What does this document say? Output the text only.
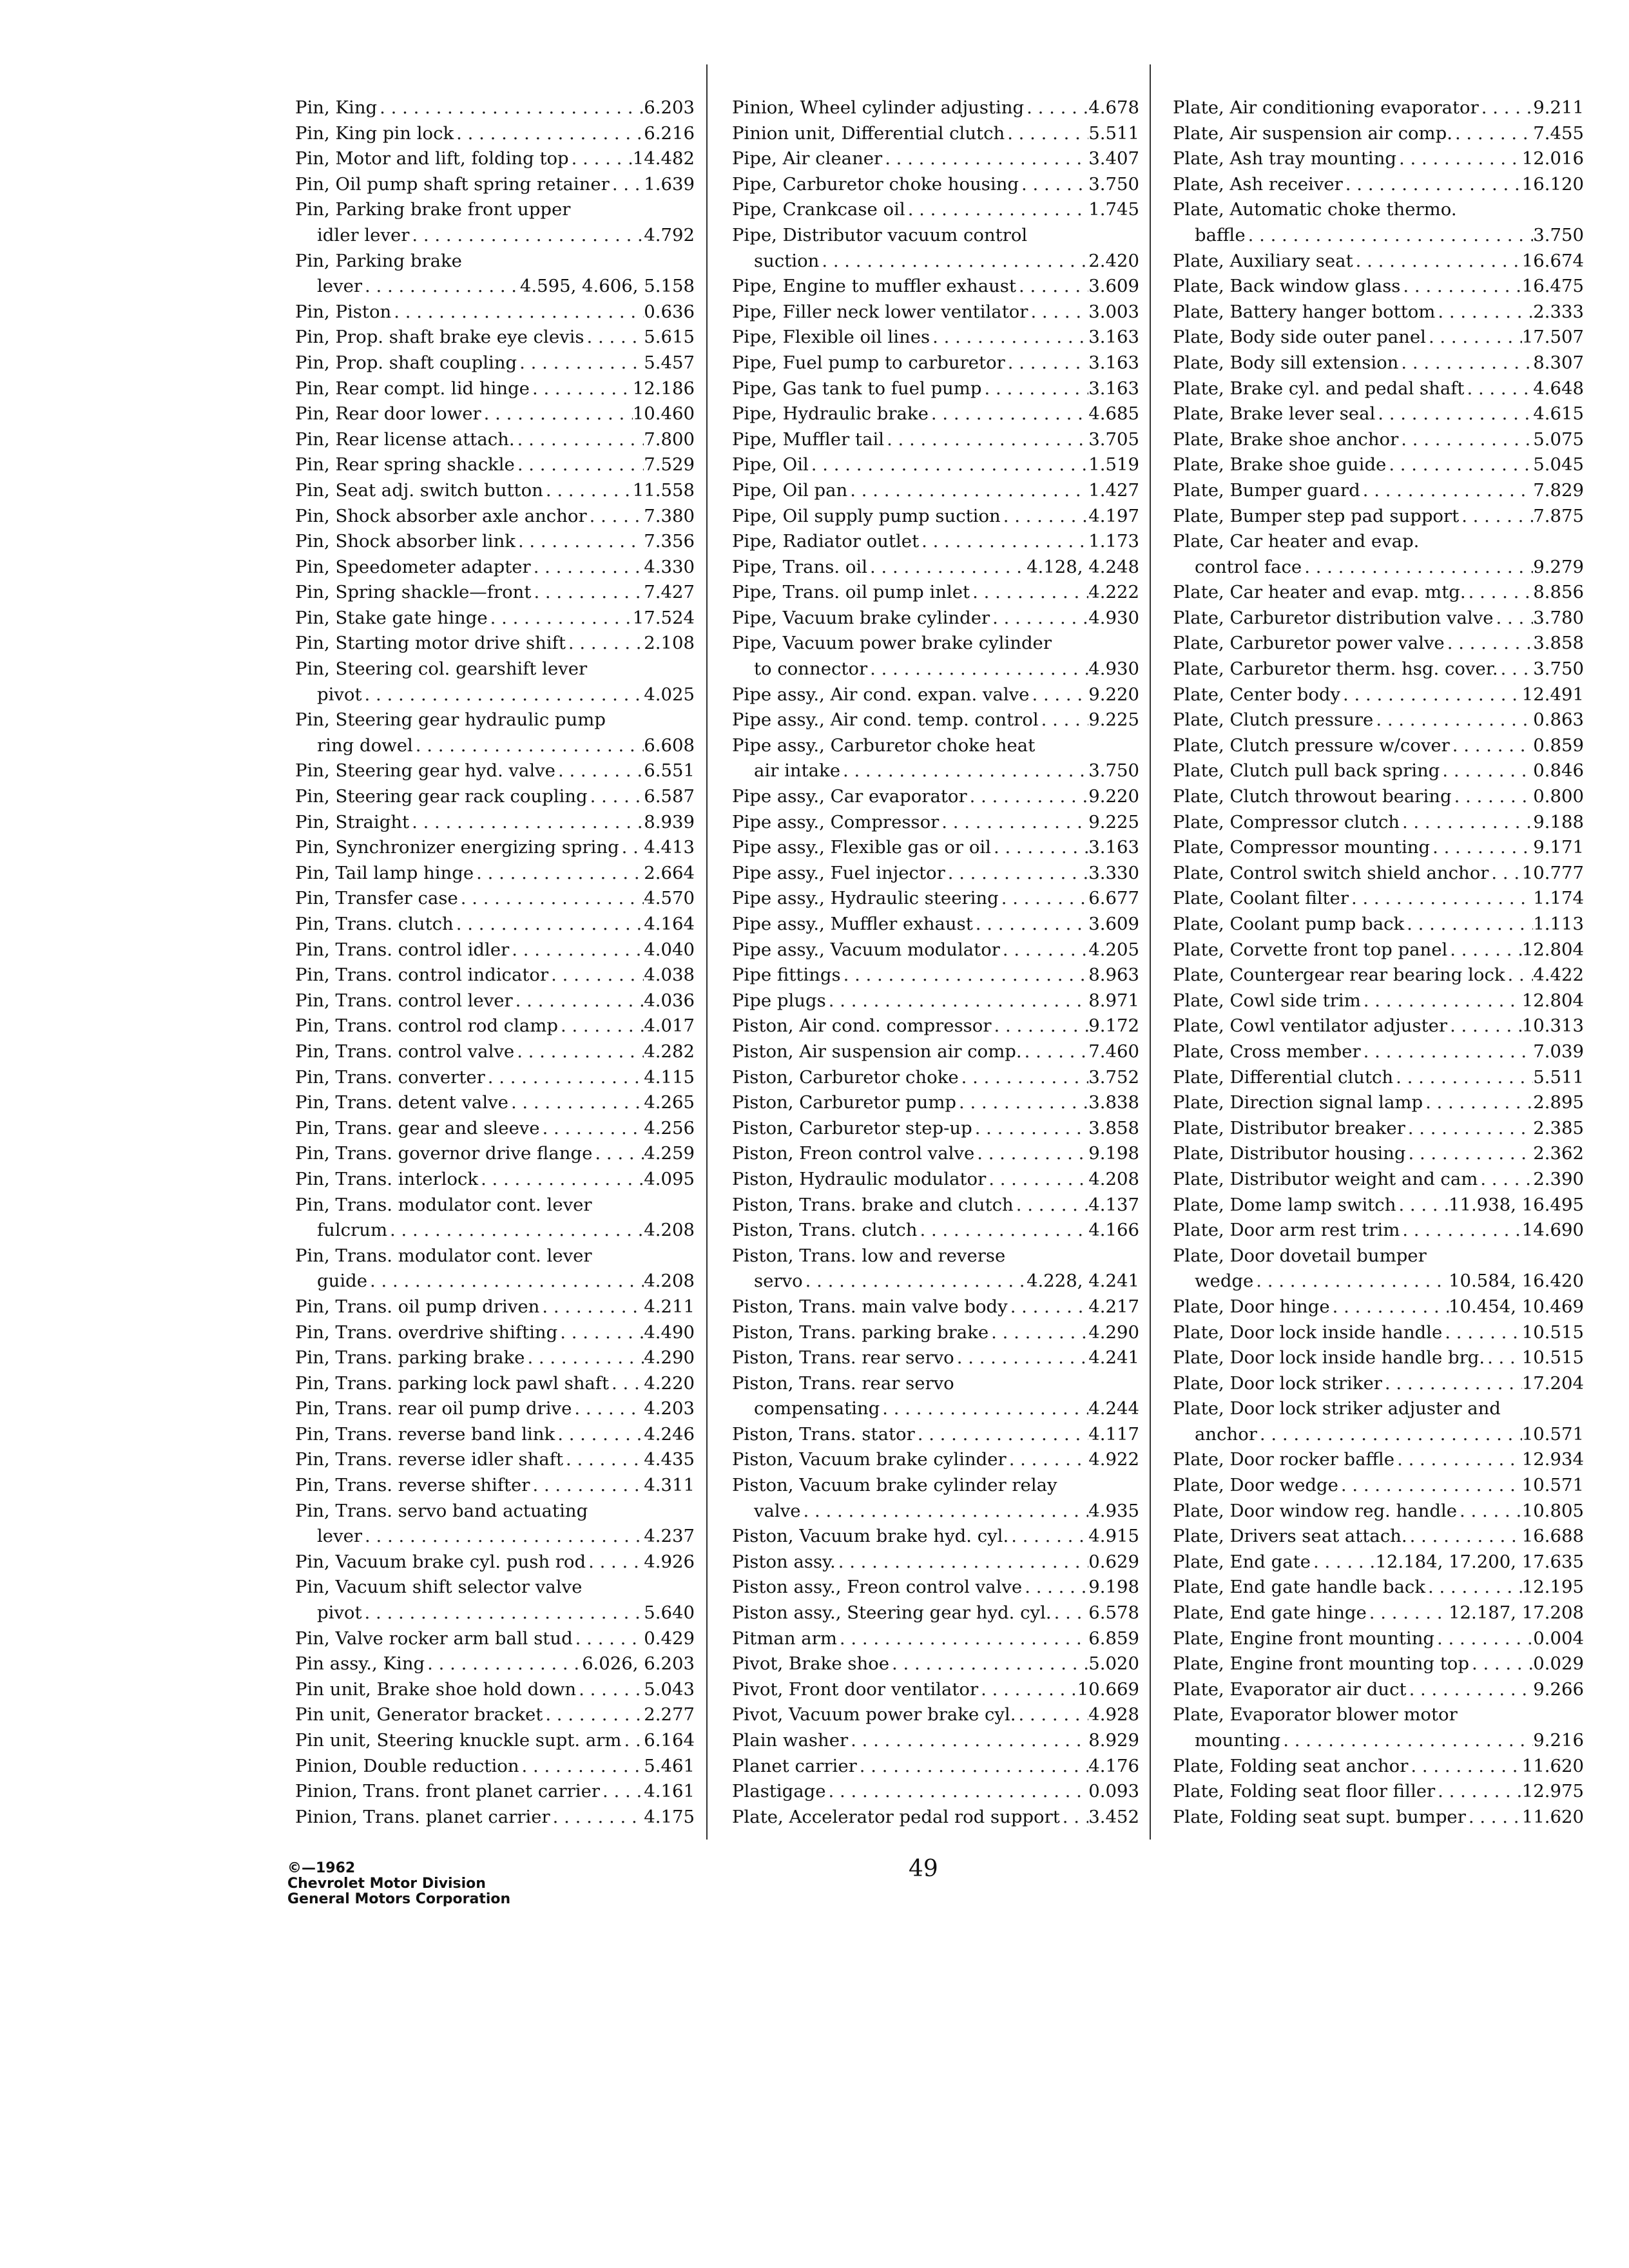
Pin, King . . .	6.203
Pin, King pin lock . . .	6.216
Pin, Motor and lift, folding top . . .	14.482
Pin, Oil pump shaft spring retainer . . . 1.639
Pin, Parking brake front upper
idler lever . . .	4.792
Pin, Parking brake
lever . . .	4.595, 4.606, 5.158
Pin, Piston . . .	0.636
Pin, Prop. shaft brake eye clevis . . .	5.615
Pin, Prop. shaft coupling . . .	5.457
Pin, Rear compt. lid hinge . . .	12.186
Pin, Rear door lower . . .	10.460
Pin, Rear license attach. . . .	7.800
Pin, Rear spring shackle . . .	7.529
Pin, Seat adj. switch button . . .	11.558
Pin, Shock absorber axle anchor . . .	7.380
Pin, Shock absorber link . . .	7.356
Pin, Speedometer adapter . . .	4.330
Pin, Spring shackle—front . . .	7.427
Pin, Stake gate hinge . . .	17.524
Pin, Starting motor drive shift . . .	2.108
Pin, Steering col. gearshift lever
pivot . . .	4.025
Pin, Steering gear hydraulic pump
ring dowel . . .	6.608
Pin, Steering gear hyd. valve . . .	6.551
Pin, Steering gear rack coupling . . .	6.587
Pin, Straight . . .	8.939
Pin, Synchronizer energizing spring . . . 4.413
Pin, Tail lamp hinge . . .	2.664
Pin, Transfer case . . .	4.570
Pin, Trans. clutch . . .	4.164
Pin, Trans. control idler . . .	4.040
Pin, Trans. control indicator . . .	4.038
Pin, Trans. control lever . . .	4.036
Pin, Trans. control rod clamp . . .	4.017
Pin, Trans. control valve . . .	4.282
Pin, Trans. converter . . .	4.115
Pin, Trans. detent valve . . .	4.265
Pin, Trans. gear and sleeve . . .	4.256
Pin, Trans. governor drive flange . . .	4.259
Pin, Trans. interlock . . .	4.095
Pin, Trans. modulator cont. lever
fulcrum . . .	4.208
Pin, Trans. modulator cont. lever
guide . . .	4.208
Pin, Trans. oil pump driven . . .	4.211
Pin, Trans. overdrive shifting . . .	4.490
Pin, Trans. parking brake . . .	4.290
Pin, Trans. parking lock pawl shaft . . . 4.220
Pin, Trans. rear oil pump drive . . .	4.203
Pin, Trans. reverse band link . . .	4.246
Pin, Trans. reverse idler shaft . . .	4.435
Pin, Trans. reverse shifter . . .	4.311
Pin, Trans. servo band actuating
lever . . .	4.237
Pin, Vacuum brake cyl. push rod . . .	4.926
Pin, Vacuum shift selector valve
pivot . . .	5.640
Pin, Valve rocker arm ball stud . . .	0.429
Pin assy., King . . .	6.026, 6.203
Pin unit, Brake shoe hold down . . .	5.043
Pin unit, Generator bracket . . .	2.277
Pin unit, Steering knuckle supt. arm . . . 6.164
Pinion, Double reduction . . .	5.461
Pinion, Trans. front planet carrier . . . 4.161
Pinion, Trans. planet carrier . . .	4.175
Pinion, Wheel cylinder adjusting . . .	4.678
Pinion unit, Differential clutch . . .	5.511
Pipe, Air cleaner . . .	3.407
Pipe, Carburetor choke housing . . .	3.750
Pipe, Crankcase oil . . .	1.745
Pipe, Distributor vacuum control
suction . . .	2.420
Pipe, Engine to muffler exhaust . . .	3.609
Pipe, Filler neck lower ventilator . . .	3.003
Pipe, Flexible oil lines . . .	3.163
Pipe, Fuel pump to carburetor . . .	3.163
Pipe, Gas tank to fuel pump . . .	3.163
Pipe, Hydraulic brake . . .	4.685
Pipe, Muffler tail . . .	3.705
Pipe, Oil . . .	1.519
Pipe, Oil pan . . .	1.427
Pipe, Oil supply pump suction . . .	4.197
Pipe, Radiator outlet . . .	1.173
Pipe, Trans. oil . . .	4.128, 4.248
Pipe, Trans. oil pump inlet . . .	4.222
Pipe, Vacuum brake cylinder . . .	4.930
Pipe, Vacuum power brake cylinder
to connector . . .	4.930
Pipe assy., Air cond. expan. valve . . .	9.220
Pipe assy., Air cond. temp. control . . .	9.225
Pipe assy., Carburetor choke heat
air intake . . .	3.750
Pipe assy., Car evaporator . . .	9.220
Pipe assy., Compressor . . .	9.225
Pipe assy., Flexible gas or oil . . .	3.163
Pipe assy., Fuel injector . . .	3.330
Pipe assy., Hydraulic steering . . .	6.677
Pipe assy., Muffler exhaust . . .	3.609
Pipe assy., Vacuum modulator . . .	4.205
Pipe fittings . . .	8.963
Pipe plugs . . .	8.971
Piston, Air cond. compressor . . .	9.172
Piston, Air suspension air comp. . . .	7.460
Piston, Carburetor choke . . .	3.752
Piston, Carburetor pump . . .	3.838
Piston, Carburetor step-up . . .	3.858
Piston, Freon control valve . . .	9.198
Piston, Hydraulic modulator . . .	4.208
Piston, Trans. brake and clutch . . .	4.137
Piston, Trans. clutch . . .	4.166
Piston, Trans. low and reverse
servo . . .	4.228, 4.241
Piston, Trans. main valve body . . .	4.217
Piston, Trans. parking brake . . .	4.290
Piston, Trans. rear servo . . .	4.241
Piston, Trans. rear servo
compensating . . .	4.244
Piston, Trans. stator . . .	4.117
Piston, Vacuum brake cylinder . . .	4.922
Piston, Vacuum brake cylinder relay
valve . . .	4.935
Piston, Vacuum brake hyd. cyl. . . .	4.915
Piston assy. . . .	0.629
Piston assy., Freon control valve . . .	9.198
Piston assy., Steering gear hyd. cyl. . . . 6.578
Pitman arm . . .	6.859
Pivot, Brake shoe . . .	5.020
Pivot, Front door ventilator . . .	10.669
Pivot, Vacuum power brake cyl. . . .	4.928
Plain washer . . .	8.929
Planet carrier . . .	4.176
Plastigage . . .	0.093
Plate, Accelerator pedal rod support . . . 3.452
Plate, Air conditioning evaporator . . .	9.211
Plate, Air suspension air comp. . . .	7.455
Plate, Ash tray mounting . . .	12.016
Plate, Ash receiver . . .	16.120
Plate, Automatic choke thermo.
baffle . . .	3.750
Plate, Auxiliary seat . . .	16.674
Plate, Back window glass . . .	16.475
Plate, Battery hanger bottom . . .	2.333
Plate, Body side outer panel . . .	17.507
Plate, Body sill extension . . .	8.307
Plate, Brake cyl. and pedal shaft . . .	4.648
Plate, Brake lever seal . . .	4.615
Plate, Brake shoe anchor . . .	5.075
Plate, Brake shoe guide . . .	5.045
Plate, Bumper guard . . .	7.829
Plate, Bumper step pad support . . .	7.875
Plate, Car heater and evap.
control face . . .	9.279
Plate, Car heater and evap. mtg. . . .	8.856
Plate, Carburetor distribution valve . . . 3.780
Plate, Carburetor power valve . . .	3.858
Plate, Carburetor therm. hsg. cover. . . . 3.750
Plate, Center body . . .	12.491
Plate, Clutch pressure . . .	0.863
Plate, Clutch pressure w/cover . . .	0.859
Plate, Clutch pull back spring . . .	0.846
Plate, Clutch throwout bearing . . .	0.800
Plate, Compressor clutch . . .	9.188
Plate, Compressor mounting . . .	9.171
Plate, Control switch shield anchor . . . 10.777
Plate, Coolant filter . . .	1.174
Plate, Coolant pump back . . .	1.113
Plate, Corvette front top panel . . .	12.804
Plate, Countergear rear bearing lock . . . 4.422
Plate, Cowl side trim . . .	12.804
Plate, Cowl ventilator adjuster . . .	10.313
Plate, Cross member . . .	7.039
Plate, Differential clutch . . .	5.511
Plate, Direction signal lamp . . .	2.895
Plate, Distributor breaker . . .	2.385
Plate, Distributor housing . . .	2.362
Plate, Distributor weight and cam . . .	2.390
Plate, Dome lamp switch . . .	11.938, 16.495
Plate, Door arm rest trim . . .	14.690
Plate, Door dovetail bumper
wedge . . .	10.584, 16.420
Plate, Door hinge . . .	10.454, 10.469
Plate, Door lock inside handle . . .	10.515
Plate, Door lock inside handle brg. . . . 10.515
Plate, Door lock striker . . .	17.204
Plate, Door lock striker adjuster and
anchor . . .	10.571
Plate, Door rocker baffle . . .	12.934
Plate, Door wedge . . .	10.571
Plate, Door window reg. handle . . .	10.805
Plate, Drivers seat attach. . . .	16.688
Plate, End gate . . .	12.184, 17.200, 17.635
Plate, End gate handle back . . .	12.195
Plate, End gate hinge . . .	12.187, 17.208
Plate, Engine front mounting . . .	0.004
Plate, Engine front mounting top . . .	0.029
Plate, Evaporator air duct . . .	9.266
Plate, Evaporator blower motor
mounting . . .	9.216
Plate, Folding seat anchor . . .	11.620
Plate, Folding seat floor filler . . .	12.975
Plate, Folding seat supt. bumper . . .	11.620
©—1962
Chevrolet Motor Division
General Motors Corporation
49
